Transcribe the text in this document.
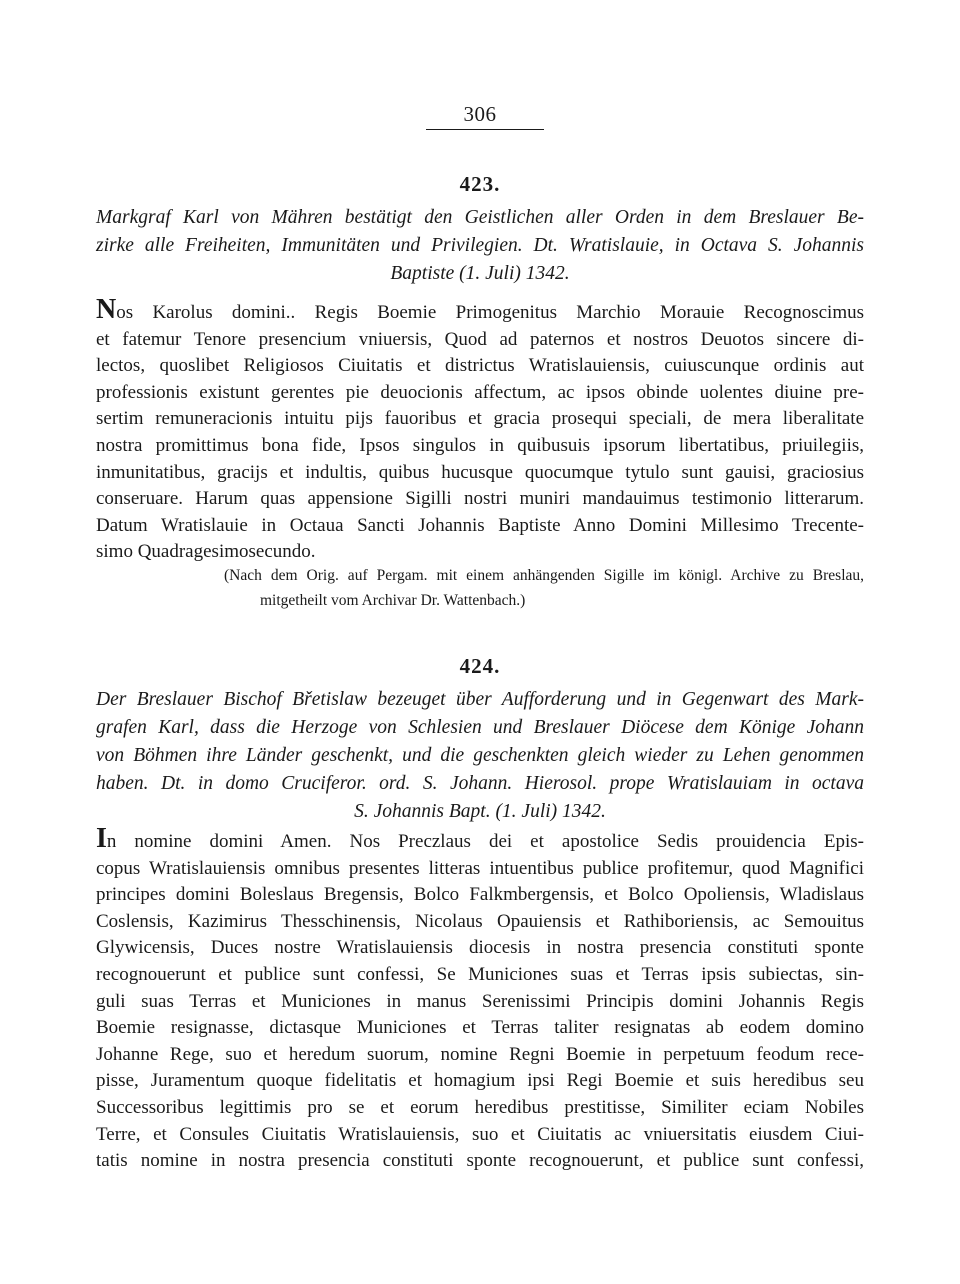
306
423.
Markgraf Karl von Mähren bestätigt den Geistlichen aller Orden in dem Breslauer Be-
zirke alle Freiheiten, Immunitäten und Privilegien. Dt. Wratislauie, in Octava S. Johannis
Baptiste (1. Juli) 1342.
Nos Karolus domini.. Regis Boemie Primogenitus Marchio Morauie Recognoscimus
et fatemur Tenore presencium vniuersis, Quod ad paternos et nostros Deuotos sincere di-
lectos, quoslibet Religiosos Ciuitatis et districtus Wratislauiensis, cuiuscunque ordinis aut
professionis existunt gerentes pie deuocionis affectum, ac ipsos obinde uolentes diuine pre-
sertim remuneracionis intuitu pijs fauoribus et gracia prosequi speciali, de mera liberalitate
nostra promittimus bona fide, Ipsos singulos in quibusuis ipsorum libertatibus, priuilegiis,
inmunitatibus, gracijs et indultis, quibus hucusque quocumque tytulo sunt gauisi, graciosius
conseruare. Harum quas appensione Sigilli nostri muniri mandauimus testimonio litterarum.
Datum Wratislauie in Octaua Sancti Johannis Baptiste Anno Domini Millesimo Trecente-
simo Quadragesimosecundo.
(Nach dem Orig. auf Pergam. mit einem anhängenden Sigille im königl. Archive zu Breslau,
mitgetheilt vom Archivar Dr. Wattenbach.)
424.
Der Breslauer Bischof Břetislaw bezeuget über Aufforderung und in Gegenwart des Mark-
grafen Karl, dass die Herzoge von Schlesien und Breslauer Diöcese dem Könige Johann
von Böhmen ihre Länder geschenkt, und die geschenkten gleich wieder zu Lehen genommen
haben. Dt. in domo Cruciferor. ord. S. Johann. Hierosol. prope Wratislauiam in octava
S. Johannis Bapt. (1. Juli) 1342.
In nomine domini Amen. Nos Preczlaus dei et apostolice Sedis prouidencia Epis-
copus Wratislauiensis omnibus presentes litteras intuentibus publice profitemur, quod Magnifici
principes domini Boleslaus Bregensis, Bolco Falkmbergensis, et Bolco Opoliensis, Wladislaus
Coslensis, Kazimirus Thesschinensis, Nicolaus Opauiensis et Rathiboriensis, ac Semouitus
Glywicensis, Duces nostre Wratislauiensis diocesis in nostra presencia constituti sponte
recognouerunt et publice sunt confessi, Se Municiones suas et Terras ipsis subiectas, sin-
guli suas Terras et Municiones in manus Serenissimi Principis domini Johannis Regis
Boemie resignasse, dictasque Municiones et Terras taliter resignatas ab eodem domino
Johanne Rege, suo et heredum suorum, nomine Regni Boemie in perpetuum feodum rece-
pisse, Juramentum quoque fidelitatis et homagium ipsi Regi Boemie et suis heredibus seu
Successoribus legittimis pro se et eorum heredibus prestitisse, Similiter eciam Nobiles
Terre, et Consules Ciuitatis Wratislauiensis, suo et Ciuitatis ac vniuersitatis eiusdem Ciui-
tatis nomine in nostra presencia constituti sponte recognouerunt, et publice sunt confessi,
